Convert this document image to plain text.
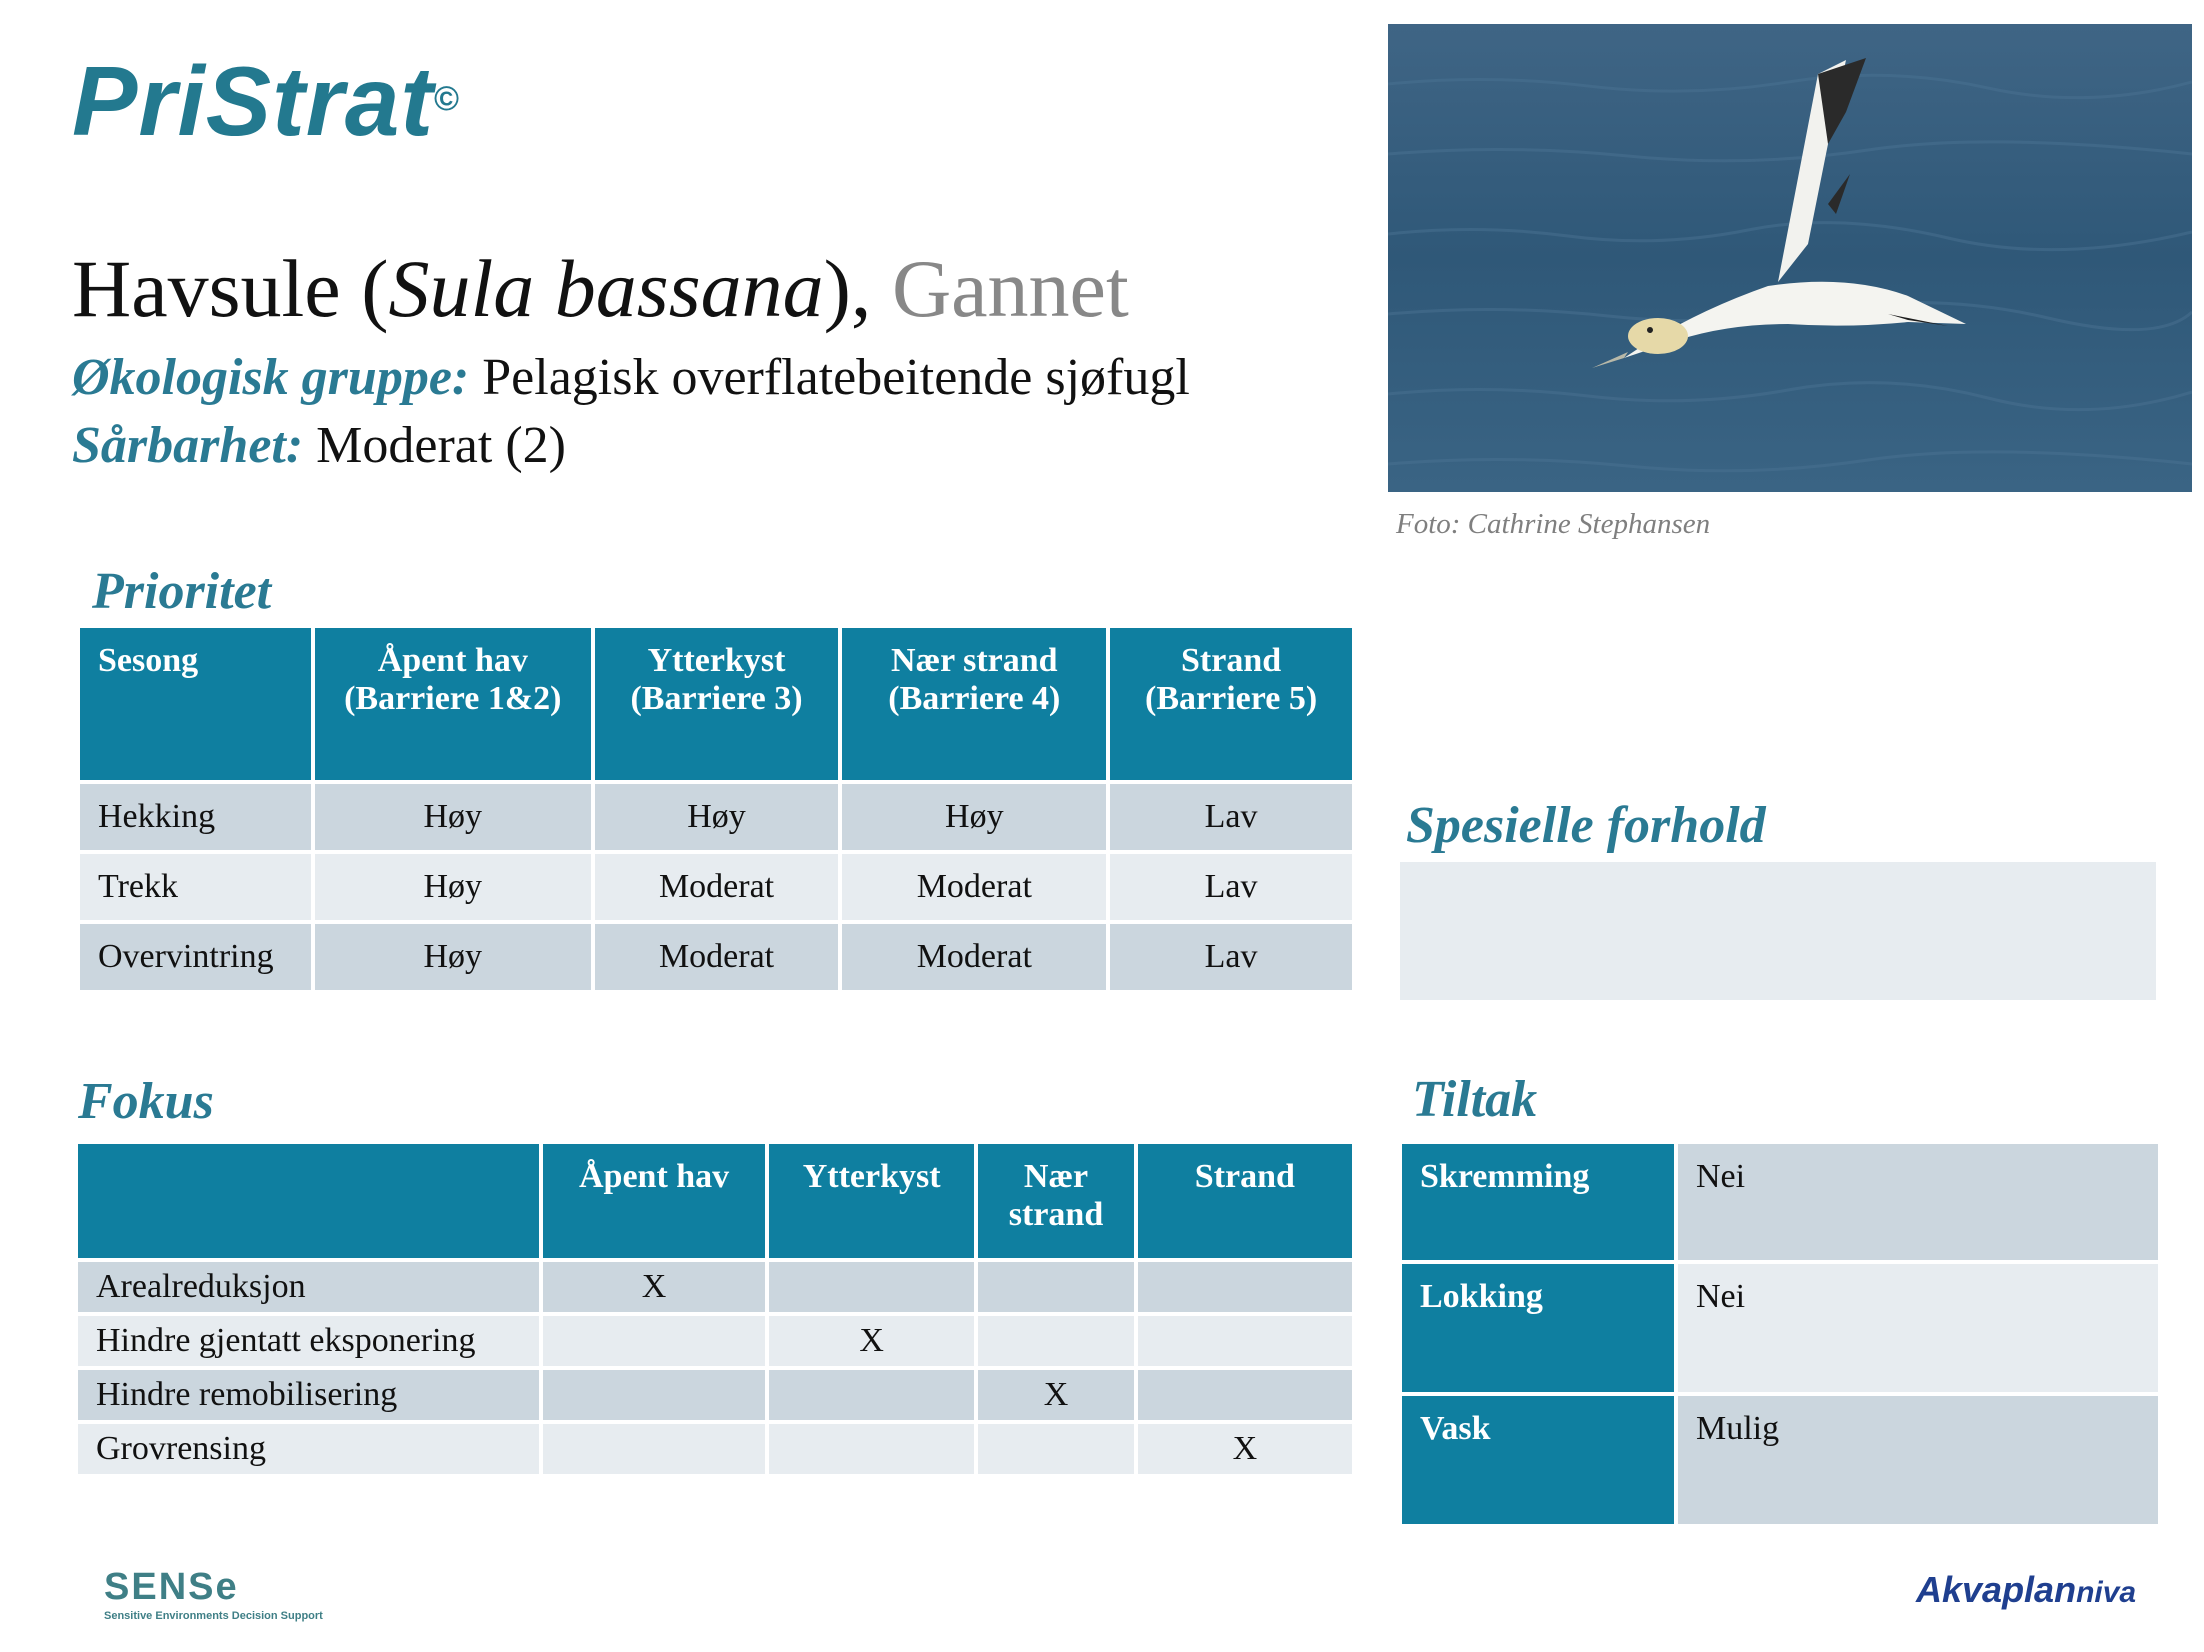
PriStrat©
Havsule (Sula bassana), Gannet
Økologisk gruppe: Pelagisk overflatebeitende sjøfugl
Sårbarhet: Moderat (2)
Foto: Cathrine Stephansen
Prioritet
Sesong	Åpent hav (Barriere 1&2)	Ytterkyst (Barriere 3)	Nær strand (Barriere 4)	Strand (Barriere 5)
Hekking	Høy	Høy	Høy	Lav
Trekk	Høy	Moderat	Moderat	Lav
Overvintring	Høy	Moderat	Moderat	Lav
Fokus
	Åpent hav	Ytterkyst	Nær strand	Strand
Arealreduksjon	X			
Hindre gjentatt eksponering		X		
Hindre remobilisering			X	
Grovrensing				X
Spesielle forhold
Tiltak
Skremming	Nei
Lokking	Nei
Vask	Mulig
SENSe
Sensitive Environments Decision Support
Akvaplanniva
